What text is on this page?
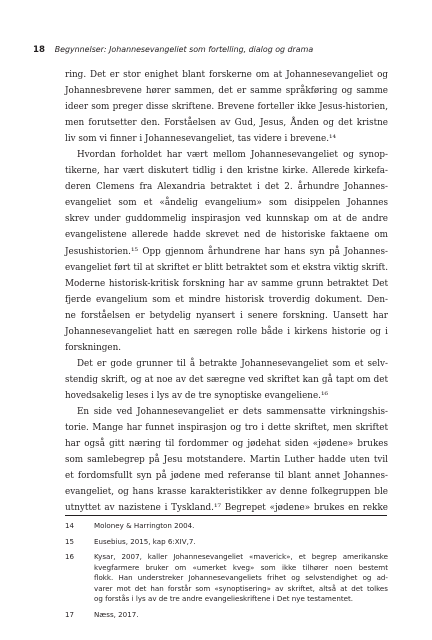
18 Begynnelser: Johannesevangeliet som fortelling, dialog og drama
ring. Det er stor enighet blant forskerne om at Johannesevangeliet og
Johannesbrevene hører sammen, det er samme språkføring og samme
ideer som preger disse skriftene. Brevene forteller ikke Jesus-historien,
men forutsetter den. Forståelsen av Gud, Jesus, Ånden og det kristne
liv som vi finner i Johannesevangeliet, tas videre i brevene.¹⁴
Hvordan forholdet har vært mellom Johannesevangeliet og synop-
tikerne, har vært diskutert tidlig i den kristne kirke. Allerede kirkefa-
deren Clemens fra Alexandria betraktet i det 2. århundre Johannes-
evangeliet som et «åndelig evangelium» som disippelen Johannes
skrev under guddommelig inspirasjon ved kunnskap om at de andre
evangelistene allerede hadde skrevet ned de historiske faktaene om
Jesushistorien.¹⁵ Opp gjennom århundrene har hans syn på Johannes-
evangeliet ført til at skriftet er blitt betraktet som et ekstra viktig skrift.
Moderne historisk-kritisk forskning har av samme grunn betraktet Det
fjerde evangelium som et mindre historisk troverdig dokument. Den-
ne forståelsen er betydelig nyansert i senere forskning. Uansett har
Johannesevangeliet hatt en særegen rolle både i kirkens historie og i
forskningen.
Det er gode grunner til å betrakte Johannesevangeliet som et selv-
stendig skrift, og at noe av det særegne ved skriftet kan gå tapt om det
hovedsakelig leses i lys av de tre synoptiske evangeliene.¹⁶
En side ved Johannesevangeliet er dets sammensatte virkningshis-
torie. Mange har funnet inspirasjon og tro i dette skriftet, men skriftet
har også gitt næring til fordommer og jødehat siden «jødene» brukes
som samlebegrep på Jesu motstandere. Martin Luther hadde uten tvil
et fordomsfullt syn på jødene med referanse til blant annet Johannes-
evangeliet, og hans krasse karakteristikker av denne folkegruppen ble
utnyttet av nazistene i Tyskland.¹⁷ Begrepet «jødene» brukes en rekke
14	Moloney & Harrington 2004.
15	Eusebius, 2015, kap 6:XIV,7.
16	Kysar, 2007, kaller Johannesevangeliet «maverick», et begrep amerikanske
kvegfarmere bruker om «umerket kveg» som ikke tilhører noen bestemt
flokk. Han understreker Johannesevangeliets frihet og selvstendighet og ad-
varer mot det han forstår som «synoptisering» av skriftet, altså at det tolkes
og forstås i lys av de tre andre evangelieskriftene i Det nye testamentet.
17	Næss, 2017.
